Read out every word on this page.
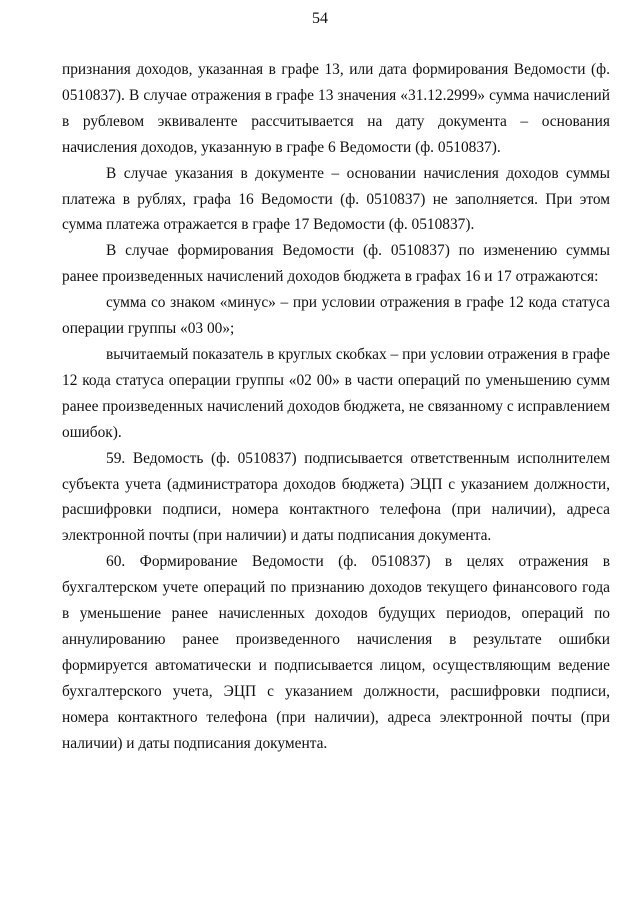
54

признания доходов, указанная в графе 13, или дата формирования Ведомости (ф. 0510837). В случае отражения в графе 13 значения «31.12.2999» сумма начислений в рублевом эквиваленте рассчитывается на дату документа – основания начисления доходов, указанную в графе 6 Ведомости (ф. 0510837).

В случае указания в документе – основании начисления доходов суммы платежа в рублях, графа 16 Ведомости (ф. 0510837) не заполняется. При этом сумма платежа отражается в графе 17 Ведомости (ф. 0510837).

В случае формирования Ведомости (ф. 0510837) по изменению суммы ранее произведенных начислений доходов бюджета в графах 16 и 17 отражаются:

сумма со знаком «минус» – при условии отражения в графе 12 кода статуса операции группы «03 00»;

вычитаемый показатель в круглых скобках – при условии отражения в графе 12 кода статуса операции группы «02 00» в части операций по уменьшению сумм ранее произведенных начислений доходов бюджета, не связанному с исправлением ошибок).

59. Ведомость (ф. 0510837) подписывается ответственным исполнителем субъекта учета (администратора доходов бюджета) ЭЦП с указанием должности, расшифровки подписи, номера контактного телефона (при наличии), адреса электронной почты (при наличии) и даты подписания документа.

60. Формирование Ведомости (ф. 0510837) в целях отражения в бухгалтерском учете операций по признанию доходов текущего финансового года в уменьшение ранее начисленных доходов будущих периодов, операций по аннулированию ранее произведенного начисления в результате ошибки формируется автоматически и подписывается лицом, осуществляющим ведение бухгалтерского учета, ЭЦП с указанием должности, расшифровки подписи, номера контактного телефона (при наличии), адреса электронной почты (при наличии) и даты подписания документа.
